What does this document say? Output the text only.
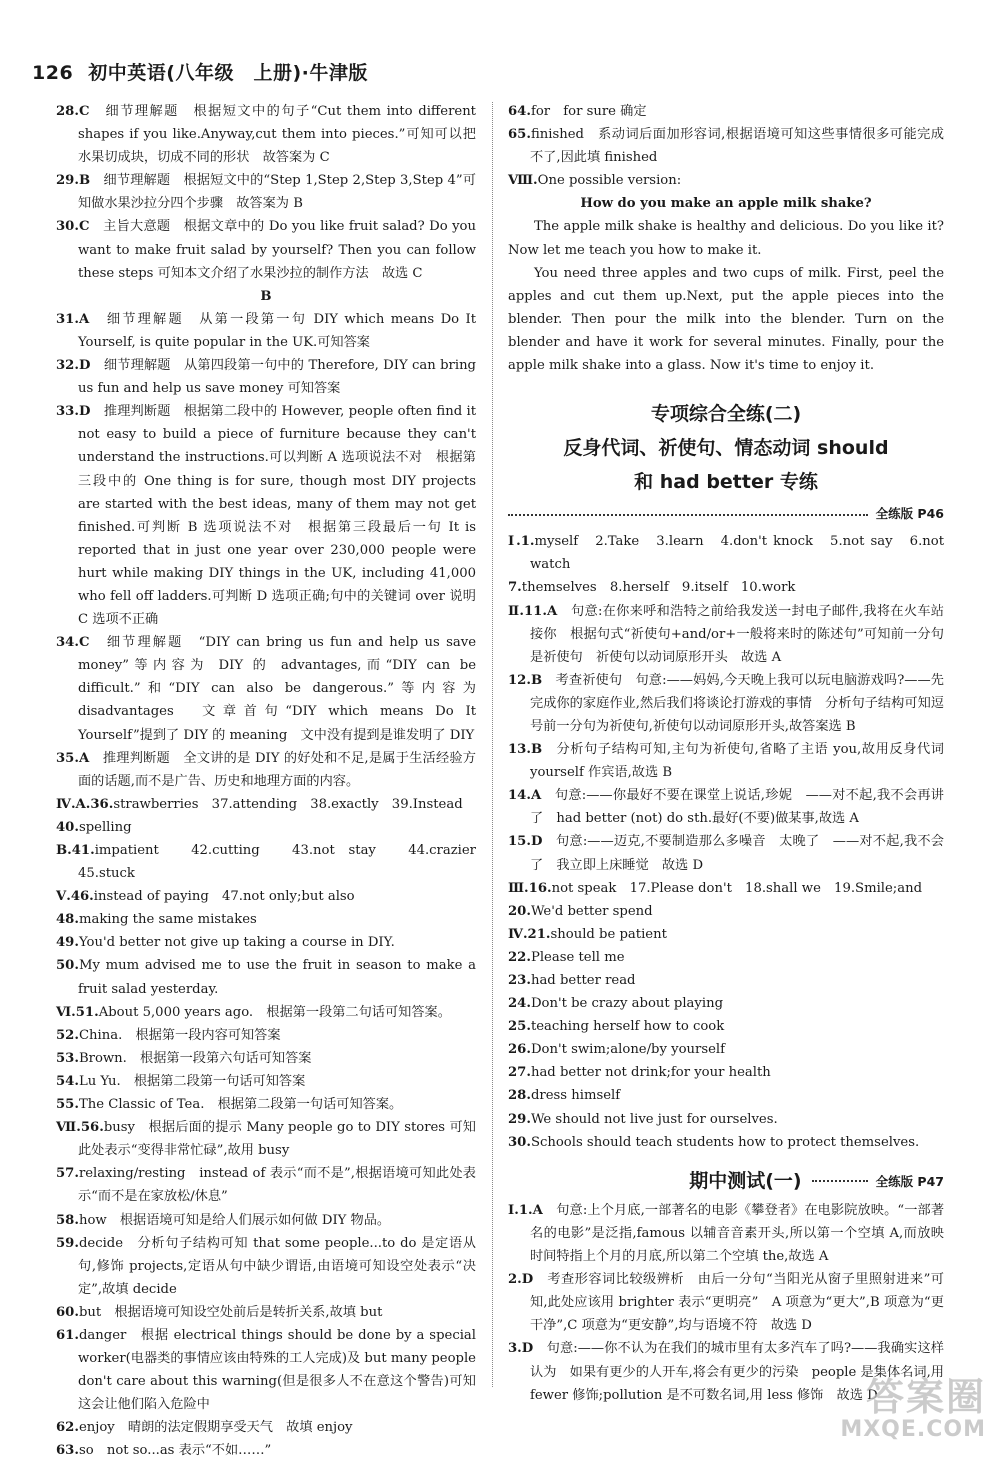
126 初中英语(八年级　上册)·牛津版

28.C　细节理解题　根据短文中的句子“Cut them into different shapes if you like.Anyway,cut them into pieces.”可知可以把水果切成块，切成不同的形状　故答案为 C

29.B　细节理解题　根据短文中的“Step 1,Step 2,Step 3,Step 4”可知做水果沙拉分四个步骤　故答案为 B

30.C　主旨大意题　根据文章中的 Do you like fruit salad? Do you want to make fruit salad by yourself? Then you can follow these steps 可知本文介绍了水果沙拉的制作方法　故选 C

B

31.A　细节理解题　从第一段第一句 DIY which means Do It Yourself, is quite popular in the UK.可知答案

32.D　细节理解题　从第四段第一句中的 Therefore, DIY can bring us fun and help us save money 可知答案

33.D　推理判断题　根据第二段中的 However, people often find it not easy to build a piece of furniture because they can't understand the instructions.可以判断 A 选项说法不对　根据第三段中的 One thing is for sure, though most DIY projects are started with the best ideas, many of them may not get finished.可判断 B 选项说法不对　根据第三段最后一句 It is reported that in just one year over 230,000 people were hurt while making DIY things in the UK, including 41,000 who fell off ladders.可判断 D 选项正确;句中的关键词 over 说明 C 选项不正确

34.C　细节理解题　“DIY can bring us fun and help us save money”等内容为 DIY 的 advantages,而“DIY can be difficult.”和“DIY can also be dangerous.”等内容为 disadvantages　文章首句“DIY which means Do It Yourself”提到了 DIY 的 meaning　文中没有提到是谁发明了 DIY

35.A　推理判断题　全文讲的是 DIY 的好处和不足,是属于生活经验方面的话题,而不是广告、历史和地理方面的内容。

Ⅳ.A.36.strawberries　37.attending　38.exactly　39.Instead

40.spelling

B.41.impatient　42.cutting　43.not stay　44.crazier　45.stuck

Ⅴ.46.instead of paying　47.not only;but also

48.making the same mistakes

49.You'd better not give up taking a course in DIY.

50.My mum advised me to use the fruit in season to make a fruit salad yesterday.

Ⅵ.51.About 5,000 years ago.　根据第一段第二句话可知答案。

52.China.　根据第一段内容可知答案

53.Brown.　根据第一段第六句话可知答案

54.Lu Yu.　根据第二段第一句话可知答案

55.The Classic of Tea.　根据第二段第一句话可知答案。

Ⅶ.56.busy　根据后面的提示 Many people go to DIY stores 可知此处表示“变得非常忙碌”,故用 busy

57.relaxing/resting　instead of 表示“而不是”,根据语境可知此处表示“而不是在家放松/休息”

58.how　根据语境可知是给人们展示如何做 DIY 物品。

59.decide　分析句子结构可知 that some people...to do 是定语从句,修饰 projects,定语从句中缺少谓语,由语境可知设空处表示“决定”,故填 decide

60.but　根据语境可知设空处前后是转折关系,故填 but

61.danger　根据 electrical things should be done by a special worker(电器类的事情应该由特殊的工人完成)及 but many people don't care about this warning(但是很多人不在意这个警告)可知这会让他们陷入危险中

62.enjoy　晴朗的法定假期享受天气　故填 enjoy

63.so　not so...as 表示“不如……”

64.for　for sure 确定

65.finished　系动词后面加形容词,根据语境可知这些事情很多可能完成不了,因此填 finished

Ⅷ.One possible version:

How do you make an apple milk shake?

The apple milk shake is healthy and delicious. Do you like it? Now let me teach you how to make it.

You need three apples and two cups of milk. First, peel the apples and cut them up.Next, put the apple pieces into the blender. Then pour the milk into the blender. Turn on the blender and have it work for several minutes. Finally, pour the apple milk shake into a glass. Now it's time to enjoy it.

专项综合全练(二)

反身代词、祈使句、情态动词 should

和 had better 专练

全练版 P46

Ⅰ.1.myself　2.Take　3.learn　4.don't knock　5.not say　6.not watch

7.themselves　8.herself　9.itself　10.work

Ⅱ.11.A　句意:在你来呼和浩特之前给我发送一封电子邮件,我将在火车站接你　根据句式“祈使句+and/or+一般将来时的陈述句”可知前一分句是祈使句　祈使句以动词原形开头　故选 A

12.B　考查祈使句　句意:——妈妈,今天晚上我可以玩电脑游戏吗?——先完成你的家庭作业,然后我们将谈论打游戏的事情　分析句子结构可知逗号前一分句为祈使句,祈使句以动词原形开头,故答案选 B

13.B　分析句子结构可知,主句为祈使句,省略了主语 you,故用反身代词 yourself 作宾语,故选 B

14.A　句意:——你最好不要在课堂上说话,珍妮　——对不起,我不会再讲了　had better (not) do sth.最好(不要)做某事,故选 A

15.D　句意:——迈克,不要制造那么多噪音　太晚了　——对不起,我不会了　我立即上床睡觉　故选 D

Ⅲ.16.not speak　17.Please don't　18.shall we　19.Smile;and

20.We'd better spend

Ⅳ.21.should be patient

22.Please tell me

23.had better read

24.Don't be crazy about playing

25.teaching herself how to cook

26.Don't swim;alone/by yourself

27.had better not drink;for your health

28.dress himself

29.We should not live just for ourselves.

30.Schools should teach students how to protect themselves.

期中测试(一)	全练版 P47

Ⅰ.1.A　句意:上个月底,一部著名的电影《攀登者》在电影院放映。“一部著名的电影”是泛指,famous 以辅音音素开头,所以第一个空填 A,而放映时间特指上个月的月底,所以第二个空填 the,故选 A

2.D　考查形容词比较级辨析　由后一分句“当阳光从窗子里照射进来”可知,此处应该用 brighter 表示“更明亮”　A 项意为“更大”,B 项意为“更干净”,C 项意为“更安静”,均与语境不符　故选 D

3.D　句意:——你不认为在我们的城市里有太多汽车了吗?——我确实这样认为　如果有更少的人开车,将会有更少的污染　people 是集体名词,用 fewer 修饰;pollution 是不可数名词,用 less 修饰　故选 D

答案圈
MXQE.COM
